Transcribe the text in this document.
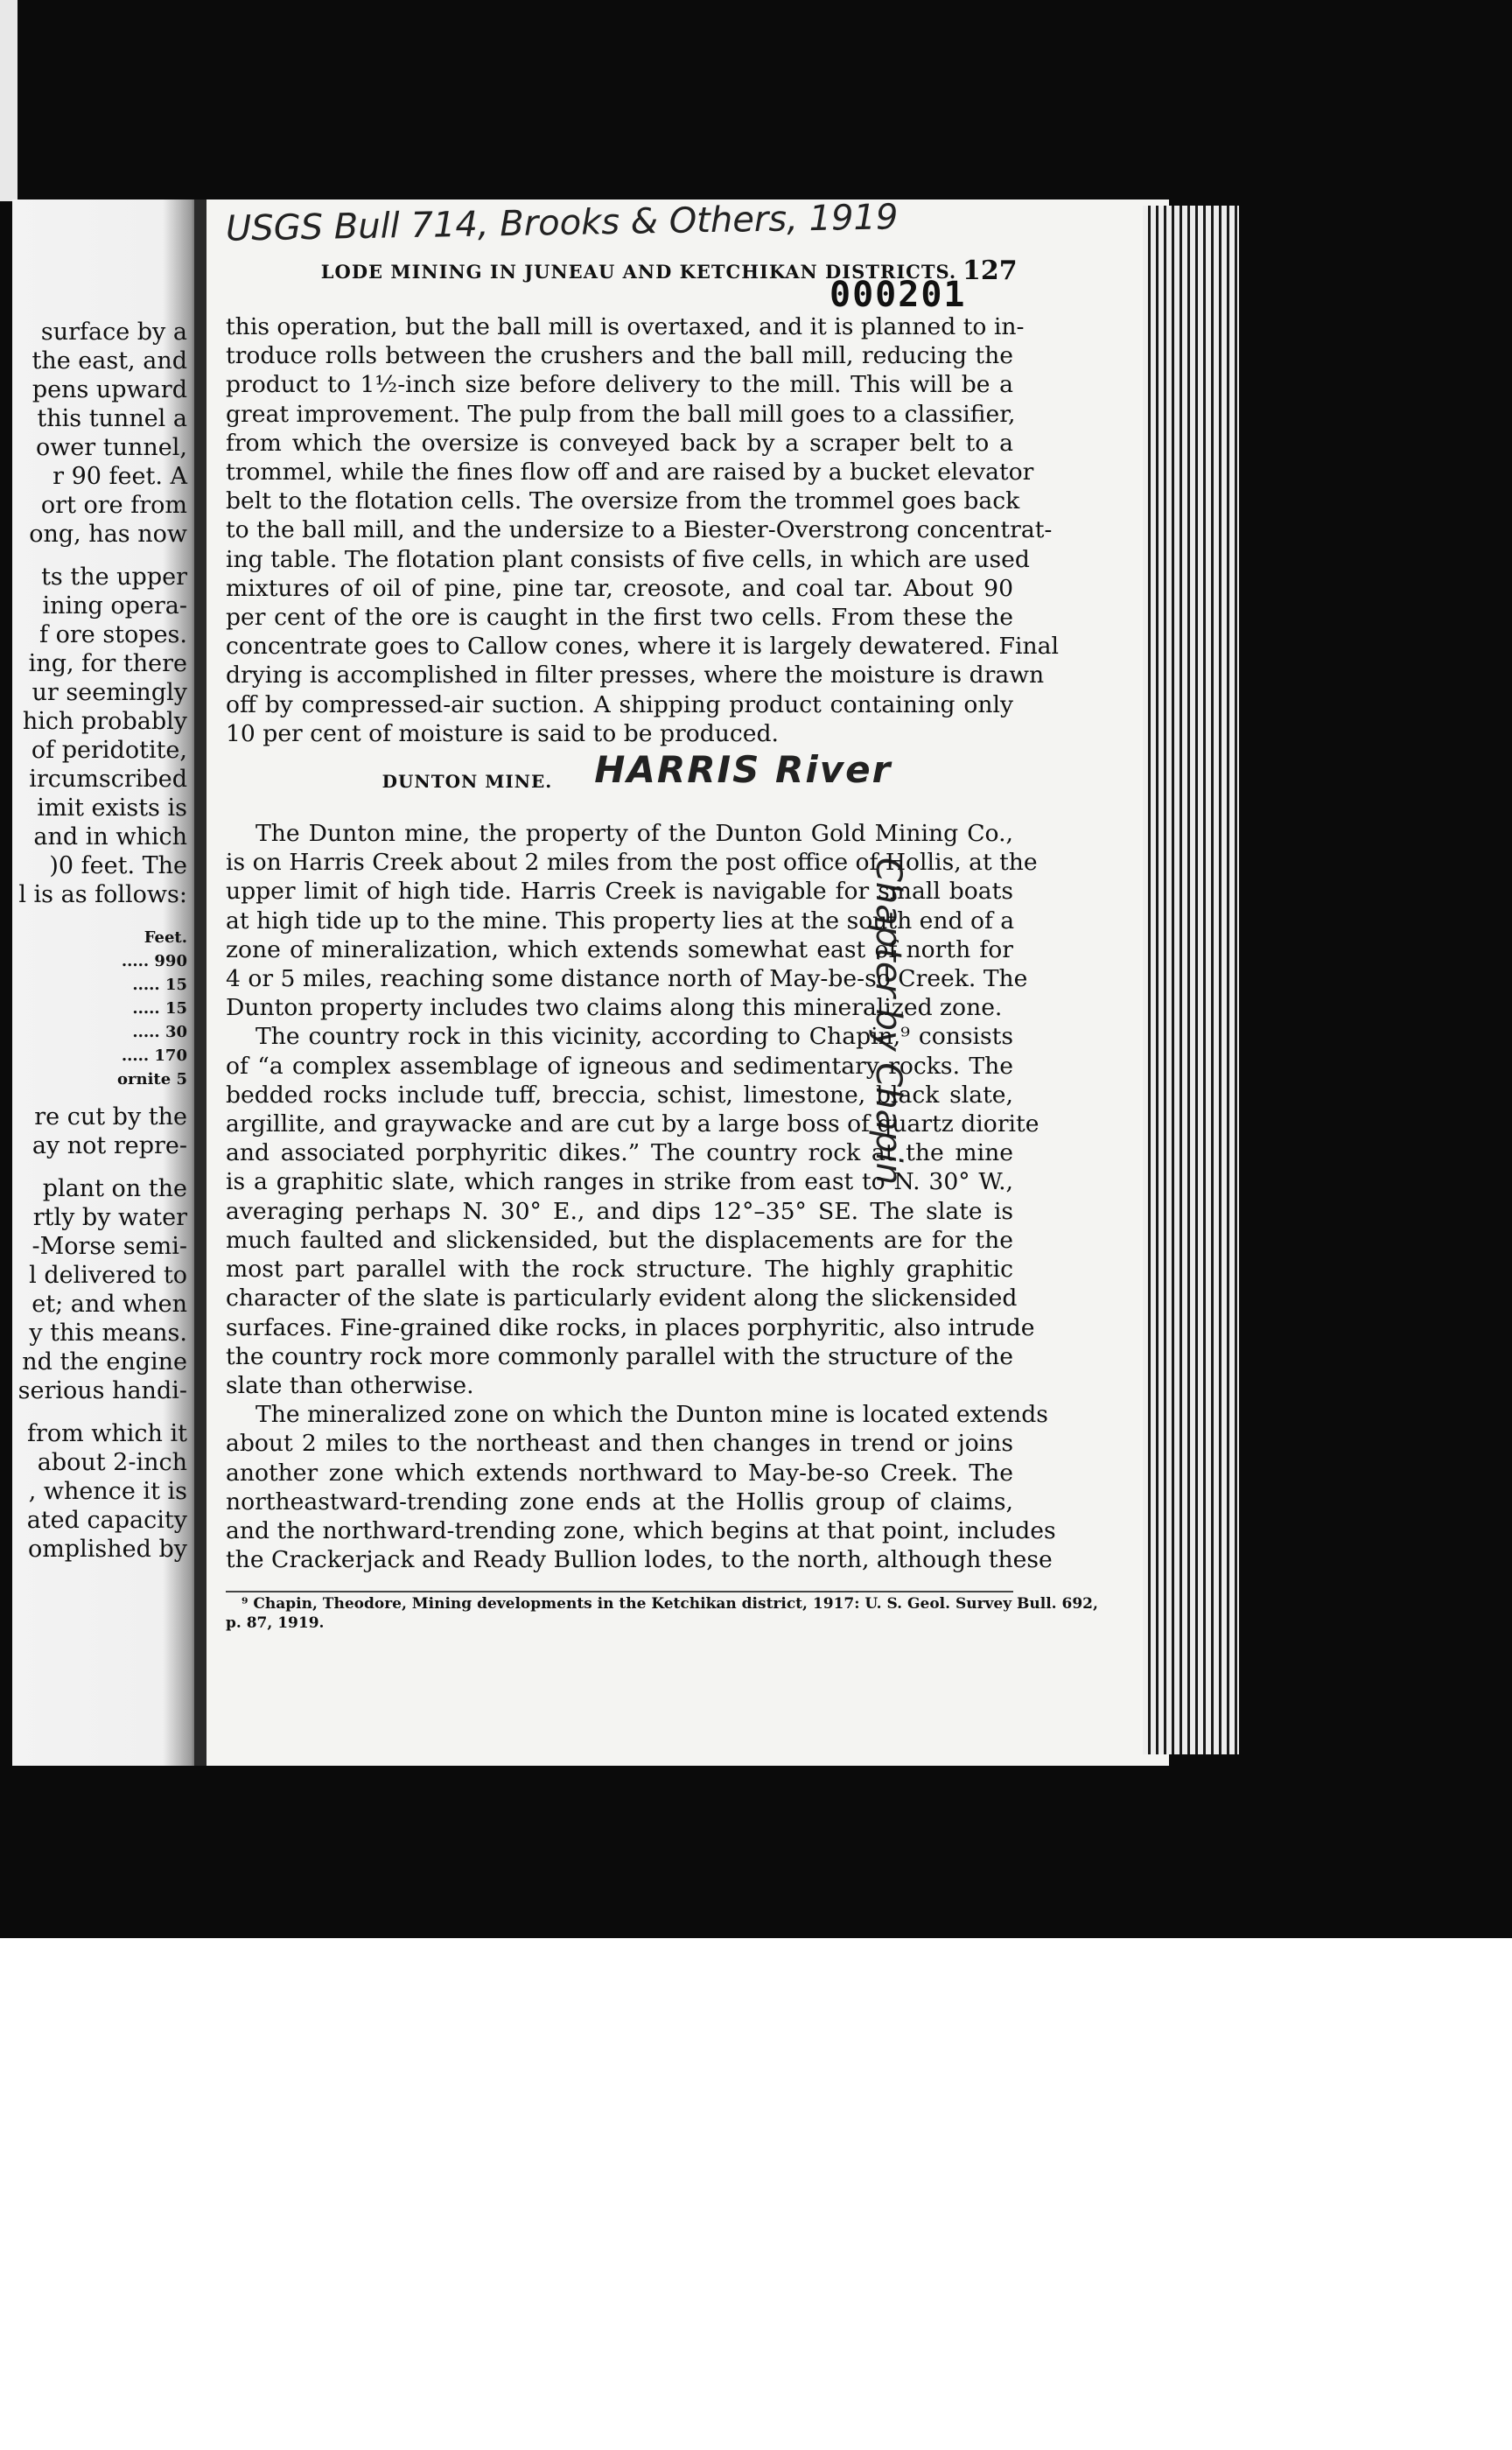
surface by a
the east, and
pens upward
this tunnel a
ower tunnel,
r 90 feet. A
ort ore from
ong, has now
ts the upper
ining opera-
f ore stopes.
ing, for there
ur seemingly
hich probably
of peridotite,
ircumscribed
imit exists is
and in which
)0 feet. The
l is as follows:
Feet.
..... 990
..... 15
..... 15
..... 30
..... 170
ornite 5
re cut by the
ay not repre-
plant on the
rtly by water
-Morse semi-
l delivered to
et; and when
y this means.
nd the engine
serious handi-
from which it
about 2-inch
, whence it is
ated capacity
omplished by
USGS Bull 714, Brooks & Others, 1919
Chapter by Chapin
LODE MINING IN JUNEAU AND KETCHIKAN DISTRICTS. 127
000201

this operation, but the ball mill is overtaxed, and it is planned to in-
troduce rolls between the crushers and the ball mill, reducing the
product to 1½-inch size before delivery to the mill. This will be a
great improvement. The pulp from the ball mill goes to a classifier,
from which the oversize is conveyed back by a scraper belt to a
trommel, while the fines flow off and are raised by a bucket elevator
belt to the flotation cells. The oversize from the trommel goes back
to the ball mill, and the undersize to a Biester-Overstrong concentrat-
ing table. The flotation plant consists of five cells, in which are used
mixtures of oil of pine, pine tar, creosote, and coal tar. About 90
per cent of the ore is caught in the first two cells. From these the
concentrate goes to Callow cones, where it is largely dewatered. Final
drying is accomplished in filter presses, where the moisture is drawn
off by compressed-air suction. A shipping product containing only
10 per cent of moisture is said to be produced.

DUNTON MINE. HARRIS River

The Dunton mine, the property of the Dunton Gold Mining Co.,
is on Harris Creek about 2 miles from the post office of Hollis, at the
upper limit of high tide. Harris Creek is navigable for small boats
at high tide up to the mine. This property lies at the south end of a
zone of mineralization, which extends somewhat east of north for
4 or 5 miles, reaching some distance north of May-be-so Creek. The
Dunton property includes two claims along this mineralized zone.

The country rock in this vicinity, according to Chapin,⁹ consists
of “a complex assemblage of igneous and sedimentary rocks. The
bedded rocks include tuff, breccia, schist, limestone, black slate,
argillite, and graywacke and are cut by a large boss of quartz diorite
and associated porphyritic dikes.” The country rock at the mine
is a graphitic slate, which ranges in strike from east to N. 30° W.,
averaging perhaps N. 30° E., and dips 12°–35° SE. The slate is
much faulted and slickensided, but the displacements are for the
most part parallel with the rock structure. The highly graphitic
character of the slate is particularly evident along the slickensided
surfaces. Fine-grained dike rocks, in places porphyritic, also intrude
the country rock more commonly parallel with the structure of the
slate than otherwise.

The mineralized zone on which the Dunton mine is located extends
about 2 miles to the northeast and then changes in trend or joins
another zone which extends northward to May-be-so Creek. The
northeastward-trending zone ends at the Hollis group of claims,
and the northward-trending zone, which begins at that point, includes
the Crackerjack and Ready Bullion lodes, to the north, although these

⁹ Chapin, Theodore, Mining developments in the Ketchikan district, 1917: U. S. Geol. Survey Bull. 692,
p. 87, 1919.
